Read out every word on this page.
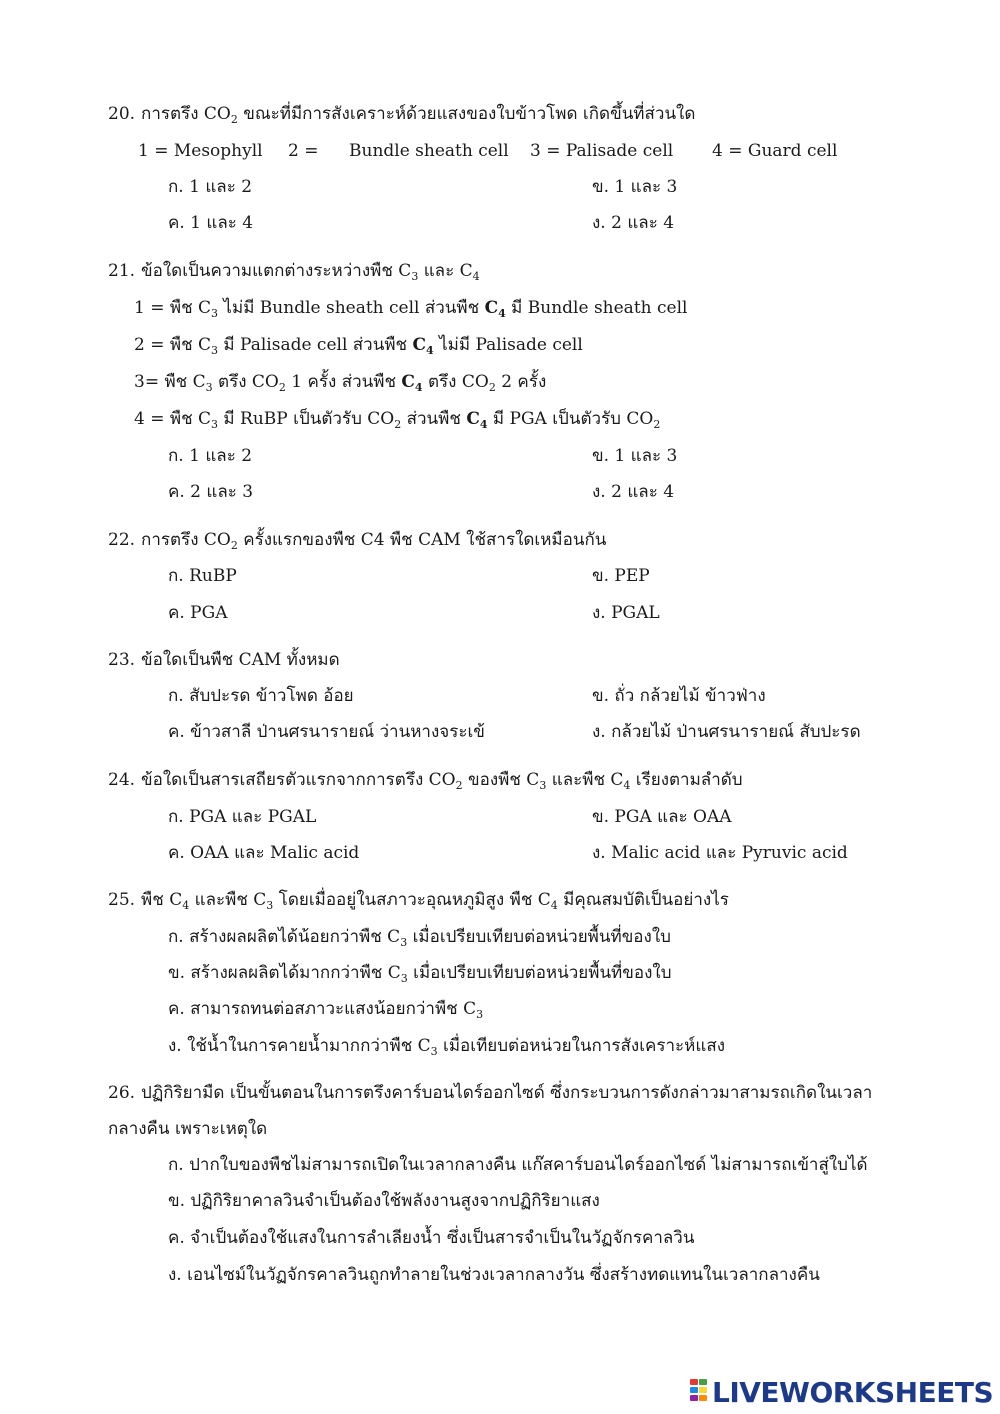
20. การตรึง $CO_2$ ขณะที่มีการสังเคราะห์ด้วยแสงของใบข้าวโพด เกิดขึ้นที่ส่วนใด
1 = Mesophyll 2 = Bundle sheath cell 3 = Palisade cell 4 = Guard cell
ก. 1 และ 2	ข. 1 และ 3
ค. 1 และ 4	ง. 2 และ 4
21. ข้อใดเป็นความแตกต่างระหว่างพืช $C_3$ และ $C_4$
1 = พืช $C_3$ ไม่มี Bundle sheath cell ส่วนพืช $C_4$ มี Bundle sheath cell
2 = พืช $C_3$ มี Palisade cell ส่วนพืช $C_4$ ไม่มี Palisade cell
3= พืช $C_3$ ตรึง $CO_2$ 1 ครั้ง ส่วนพืช $C_4$ ตรึง $CO_2$ 2 ครั้ง
4 = พืช $C_3$ มี RuBP เป็นตัวรับ $CO_2$ ส่วนพืช $C_4$ มี PGA เป็นตัวรับ $CO_2$
ก. 1 และ 2	ข. 1 และ 3
ค. 2 และ 3	ง. 2 และ 4
22. การตรึง $CO_2$ ครั้งแรกของพืช C4 พืช CAM ใช้สารใดเหมือนกัน
ก. RuBP	ข. PEP
ค. PGA	ง. PGAL
23. ข้อใดเป็นพืช CAM ทั้งหมด
ก. สับปะรด ข้าวโพด อ้อย	ข. ถั่ว กล้วยไม้ ข้าวฟ่าง
ค. ข้าวสาลี ป่านศรนารายณ์ ว่านหางจระเข้	ง. กล้วยไม้ ป่านศรนารายณ์ สับปะรด
24. ข้อใดเป็นสารเสถียรตัวแรกจากการตรึง $CO_2$ ของพืช $C_3$ และพืช $C_4$ เรียงตามลำดับ
ก. PGA และ PGAL	ข. PGA และ OAA
ค. OAA และ Malic acid	ง. Malic acid และ Pyruvic acid
25. พืช $C_4$ และพืช $C_3$ โดยเมื่ออยู่ในสภาวะอุณหภูมิสูง พืช $C_4$ มีคุณสมบัติเป็นอย่างไร
ก. สร้างผลผลิตได้น้อยกว่าพืช $C_3$ เมื่อเปรียบเทียบต่อหน่วยพื้นที่ของใบ
ข. สร้างผลผลิตได้มากกว่าพืช $C_3$ เมื่อเปรียบเทียบต่อหน่วยพื้นที่ของใบ
ค. สามารถทนต่อสภาวะแสงน้อยกว่าพืช $C_3$
ง. ใช้น้ำในการคายน้ำมากกว่าพืช $C_3$ เมื่อเทียบต่อหน่วยในการสังเคราะห์แสง
26. ปฏิกิริยามืด เป็นขั้นตอนในการตรึงคาร์บอนไดร์ออกไซด์ ซึ่งกระบวนการดังกล่าวมาสามรถเกิดในเวลา
กลางคืน เพราะเหตุใด
ก. ปากใบของพืชไม่สามารถเปิดในเวลากลางคืน แก๊สคาร์บอนไดร์ออกไซด์ ไม่สามารถเข้าสู่ใบได้
ข. ปฏิกิริยาคาลวินจำเป็นต้องใช้พลังงานสูงจากปฏิกิริยาแสง
ค. จำเป็นต้องใช้แสงในการลำเลียงน้ำ ซึ่งเป็นสารจำเป็นในวัฏจักรคาลวิน
ง. เอนไซม์ในวัฏจักรคาลวินถูกทำลายในช่วงเวลากลางวัน ซึ่งสร้างทดแทนในเวลากลางคืน
LIVEWORKSHEETS
